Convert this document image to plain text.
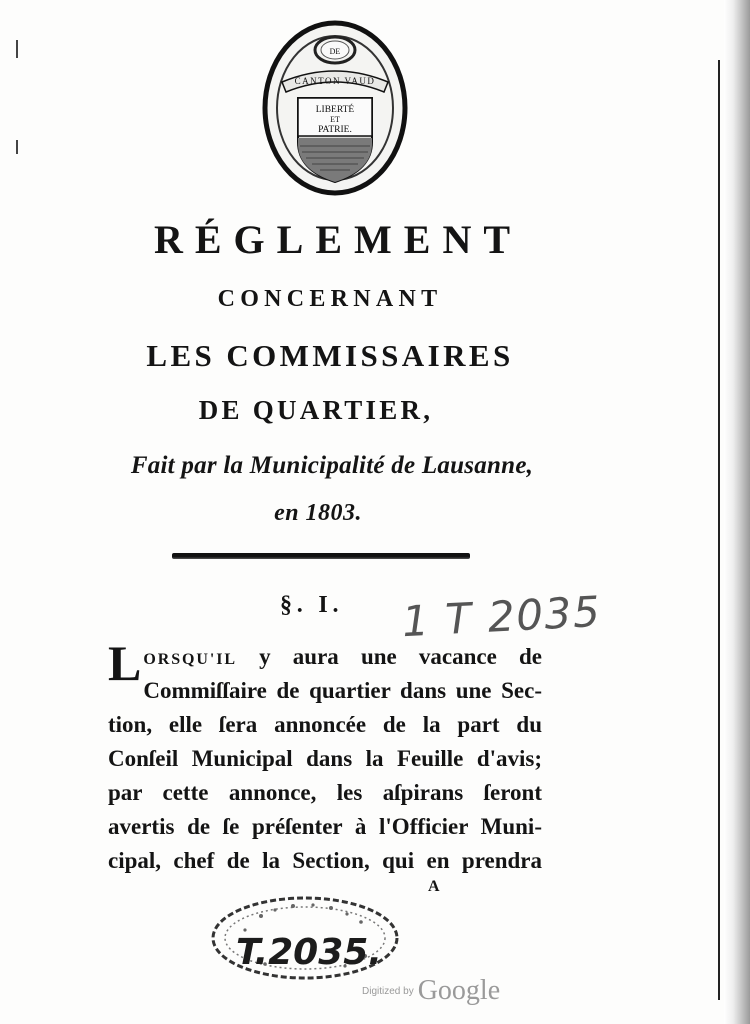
DE
CANTON VAUD
LIBERTÉ
ET
PATRIE.
RÉGLEMENT
CONCERNANT
LES COMMISSAIRES
DE QUARTIER,
Fait par la Municipalité de Lausanne,
en 1803.
§. I. 1 T 2035
LORSQU'IL y aura une vacance de
Commiſſaire de quartier dans une Sec-
tion, elle ſera annoncée de la part du
Conſeil Municipal dans la Feuille d'avis;
par cette annonce, les aſpirans ſeront
avertis de ſe préſenter à l'Officier Muni-
cipal, chef de la Section, qui en prendra
A
T.2035.
$^{Digitized by}$ Google
